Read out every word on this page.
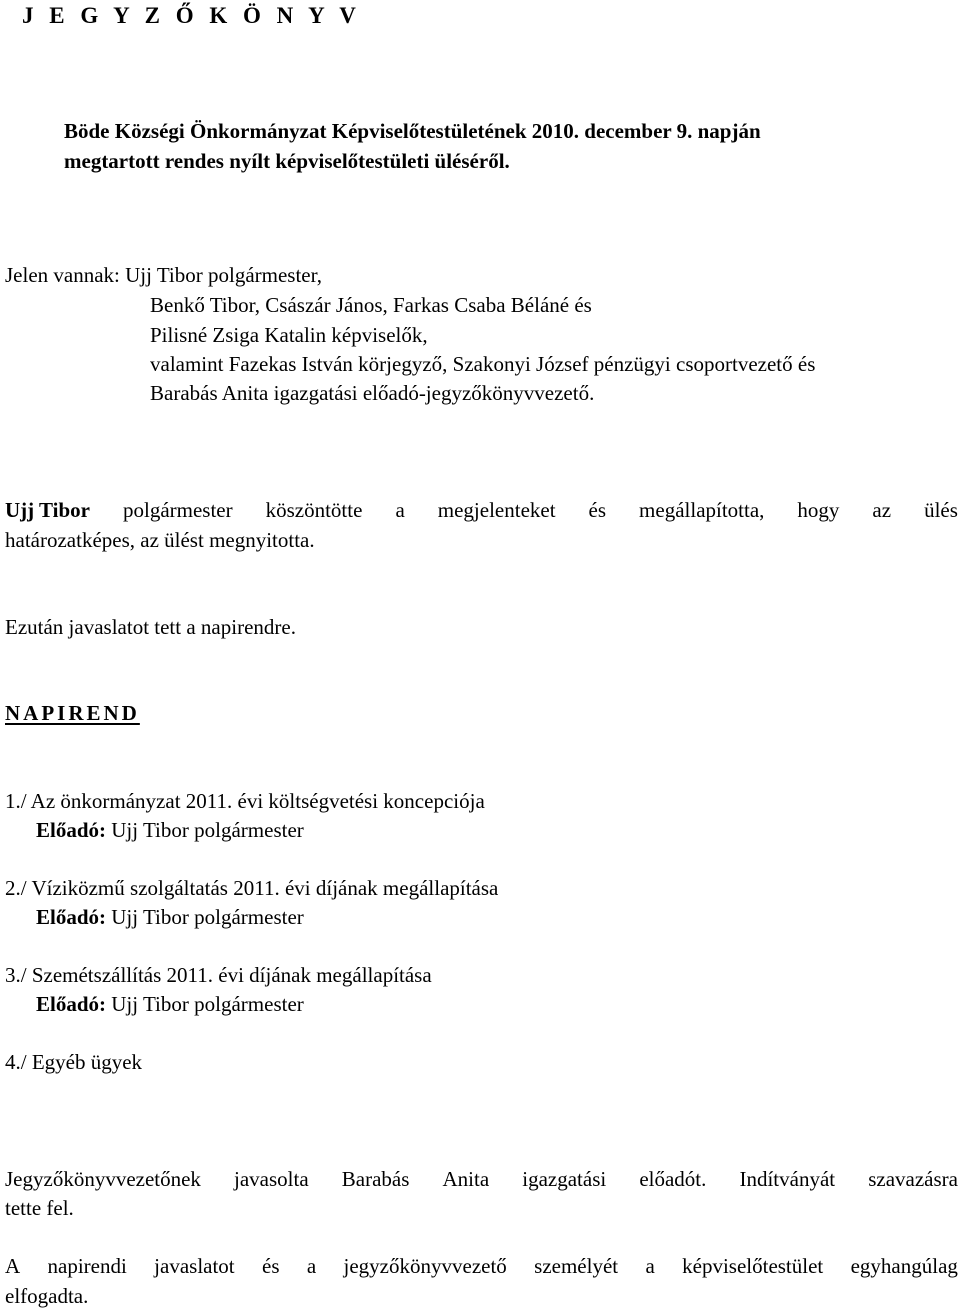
J E G Y Z Ő K Ö N Y V
Böde Községi Önkormányzat Képviselőtestületének 2010. december 9. napján
megtartott rendes nyílt képviselőtestületi üléséről.
Jelen vannak: Ujj Tibor polgármester,
Benkő Tibor, Császár János, Farkas Csaba Béláné és
Pilisné Zsiga Katalin képviselők,
valamint Fazekas István körjegyző, Szakonyi József pénzügyi csoportvezető és
Barabás Anita igazgatási előadó-jegyzőkönyvvezető.
Ujj Tibor polgármester köszöntötte a megjelenteket és megállapította, hogy az ülés
határozatképes, az ülést megnyitotta.
Ezután javaslatot tett a napirendre.
NAPIREND
1./ Az önkormányzat 2011. évi költségvetési koncepciója
Előadó: Ujj Tibor polgármester
2./ Víziközmű szolgáltatás 2011. évi díjának megállapítása
Előadó: Ujj Tibor polgármester
3./ Szemétszállítás 2011. évi díjának megállapítása
Előadó: Ujj Tibor polgármester
4./ Egyéb ügyek
Jegyzőkönyvvezetőnek javasolta Barabás Anita igazgatási előadót. Indítványát szavazásra
tette fel.
A napirendi javaslatot és a jegyzőkönyvvezető személyét a képviselőtestület egyhangúlag
elfogadta.
